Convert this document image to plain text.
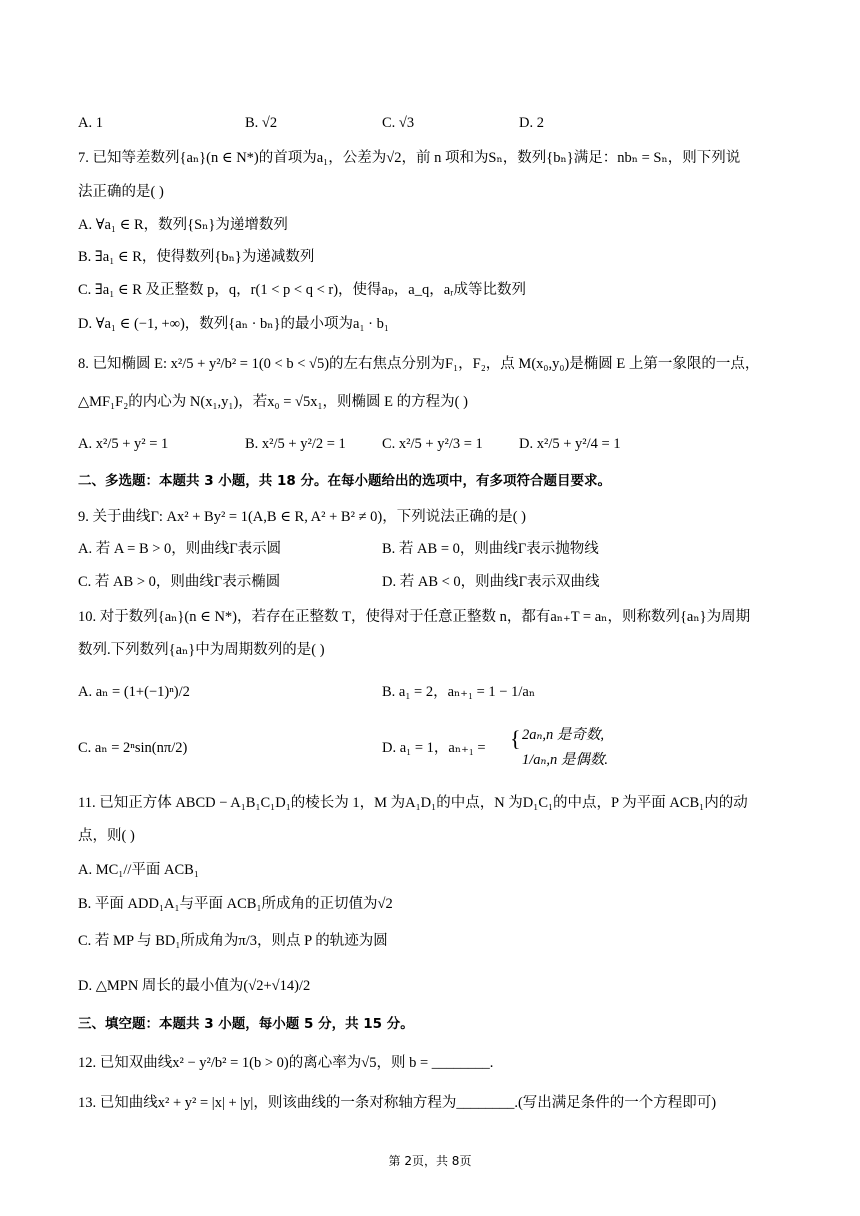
A. 1	B. √2	C. √3	D. 2
7. 已知等差数列{aₙ}(n ∈ N*)的首项为a₁，公差为√2，前 n 项和为Sₙ，数列{bₙ}满足：nbₙ = Sₙ，则下列说
法正确的是( )
A. ∀a₁ ∈ R，数列{Sₙ}为递增数列
B. ∃a₁ ∈ R，使得数列{bₙ}为递减数列
C. ∃a₁ ∈ R 及正整数 p，q，r(1 < p < q < r)，使得aₚ，a_q，aᵣ成等比数列
D. ∀a₁ ∈ (−1, +∞)，数列{aₙ · bₙ}的最小项为a₁ · b₁
8. 已知椭圆 E: x²/5 + y²/b² = 1(0 < b < √5)的左右焦点分别为F₁，F₂，点 M(x₀,y₀)是椭圆 E 上第一象限的一点，
△MF₁F₂的内心为 N(x₁,y₁)，若x₀ = √5x₁，则椭圆 E 的方程为( )
A. x²/5 + y² = 1	B. x²/5 + y²/2 = 1 C. x²/5 + y²/3 = 1 D. x²/5 + y²/4 = 1
二、多选题：本题共 3 小题，共 18 分。在每小题给出的选项中，有多项符合题目要求。
9. 关于曲线Γ: Ax² + By² = 1(A,B ∈ R, A² + B² ≠ 0)，下列说法正确的是( )
A. 若 A = B > 0，则曲线Γ表示圆	B. 若 AB = 0，则曲线Γ表示抛物线
C. 若 AB > 0，则曲线Γ表示椭圆	D. 若 AB < 0，则曲线Γ表示双曲线
10. 对于数列{aₙ}(n ∈ N*)，若存在正整数 T，使得对于任意正整数 n，都有aₙ₊T = aₙ，则称数列{aₙ}为周期
数列.下列数列{aₙ}中为周期数列的是( )
A. aₙ = (1+(−1)ⁿ)/2	B. a₁ = 2，aₙ₊₁ = 1 − 1/aₙ
C. aₙ = 2ⁿsin(nπ/2)	D. a₁ = 1，aₙ₊₁ = { 2aₙ,n 是奇数,
1/aₙ,n 是偶数.
11. 已知正方体 ABCD − A₁B₁C₁D₁的棱长为 1，M 为A₁D₁的中点，N 为D₁C₁的中点，P 为平面 ACB₁内的动
点，则( )
A. MC₁//平面 ACB₁
B. 平面 ADD₁A₁与平面 ACB₁所成角的正切值为√2
C. 若 MP 与 BD₁所成角为π/3，则点 P 的轨迹为圆
D. △MPN 周长的最小值为(√2+√14)/2
三、填空题：本题共 3 小题，每小题 5 分，共 15 分。
12. 已知双曲线x² − y²/b² = 1(b > 0)的离心率为√5，则 b = ________.
13. 已知曲线x² + y² = |x| + |y|，则该曲线的一条对称轴方程为________.(写出满足条件的一个方程即可)
第 2页，共 8页
